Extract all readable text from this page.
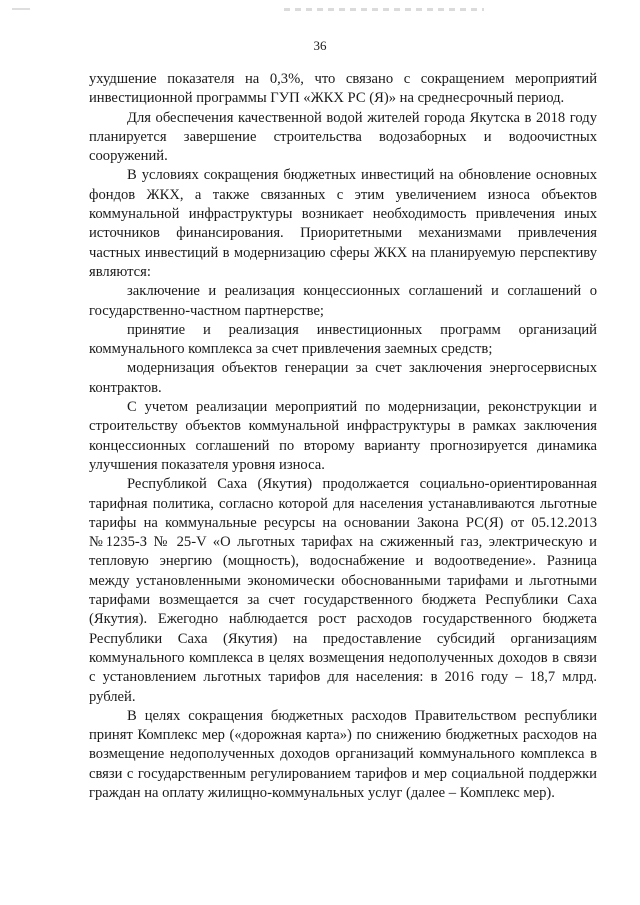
36

ухудшение показателя на 0,3%, что связано с сокращением мероприятий инвестиционной программы ГУП «ЖКХ РС (Я)» на среднесрочный период.

Для обеспечения качественной водой жителей города Якутска в 2018 году планируется завершение строительства водозаборных и водоочистных сооружений.

В условиях сокращения бюджетных инвестиций на обновление основных фондов ЖКХ, а также связанных с этим увеличением износа объектов коммунальной инфраструктуры возникает необходимость привлечения иных источников финансирования. Приоритетными механизмами привлечения частных инвестиций в модернизацию сферы ЖКХ на планируемую перспективу являются:

заключение и реализация концессионных соглашений и соглашений о государственно-частном партнерстве;

принятие и реализация инвестиционных программ организаций коммунального комплекса за счет привлечения заемных средств;

модернизация объектов генерации за счет заключения энергосервисных контрактов.

С учетом реализации мероприятий по модернизации, реконструкции и строительству объектов коммунальной инфраструктуры в рамках заключения концессионных соглашений по второму варианту прогнозируется динамика улучшения показателя уровня износа.

Республикой Саха (Якутия) продолжается социально-ориентированная тарифная политика, согласно которой для населения устанавливаются льготные тарифы на коммунальные ресурсы на основании Закона РС(Я) от 05.12.2013 №1235-З № 25-V «О льготных тарифах на сжиженный газ, электрическую и тепловую энергию (мощность), водоснабжение и водоотведение». Разница между установленными экономически обоснованными тарифами и льготными тарифами возмещается за счет государственного бюджета Республики Саха (Якутия). Ежегодно наблюдается рост расходов государственного бюджета Республики Саха (Якутия) на предоставление субсидий организациям коммунального комплекса в целях возмещения недополученных доходов в связи с установлением льготных тарифов для населения: в 2016 году – 18,7 млрд. рублей.

В целях сокращения бюджетных расходов Правительством республики принят Комплекс мер («дорожная карта») по снижению бюджетных расходов на возмещение недополученных доходов организаций коммунального комплекса в связи с государственным регулированием тарифов и мер социальной поддержки граждан на оплату жилищно-коммунальных услуг (далее – Комплекс мер).
